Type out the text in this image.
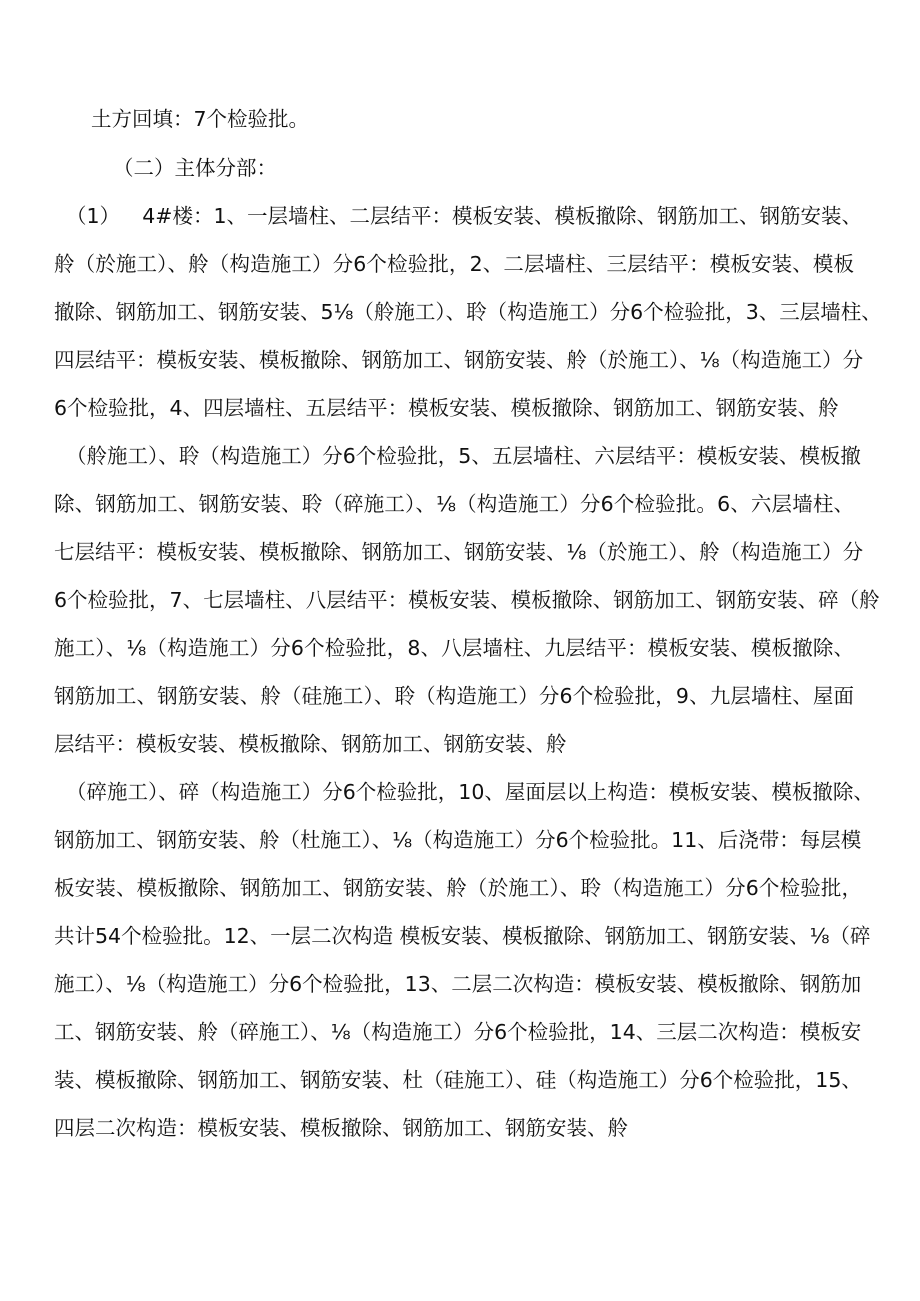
土方回填：7个检验批。
（二）主体分部：
（1）	4#楼：1、一层墙柱、二层结平：模板安装、模板撤除、钢筋加工、钢筋安装、
舲（於施工）、舲（构造施工）分6个检验批，2、二层墙柱、三层结平：模板安装、模板
撤除、钢筋加工、钢筋安装、5⅛（舲施工）、聆（构造施工）分6个检验批，3、三层墙柱、
四层结平：模板安装、模板撤除、钢筋加工、钢筋安装、舲（於施工）、⅛（构造施工）分
6个检验批，4、四层墙柱、五层结平：模板安装、模板撤除、钢筋加工、钢筋安装、舲
（舲施工）、聆（构造施工）分6个检验批，5、五层墙柱、六层结平：模板安装、模板撤
除、钢筋加工、钢筋安装、聆（碎施工）、⅛（构造施工）分6个检验批。6、六层墙柱、
七层结平：模板安装、模板撤除、钢筋加工、钢筋安装、⅛（於施工）、舲（构造施工）分
6个检验批，7、七层墙柱、八层结平：模板安装、模板撤除、钢筋加工、钢筋安装、碎（舲
施工）、⅛（构造施工）分6个检验批，8、八层墙柱、九层结平：模板安装、模板撤除、
钢筋加工、钢筋安装、舲（硅施工）、聆（构造施工）分6个检验批，9、九层墙柱、屋面
层结平：模板安装、模板撤除、钢筋加工、钢筋安装、舲
（碎施工）、碎（构造施工）分6个检验批，10、屋面层以上构造：模板安装、模板撤除、
钢筋加工、钢筋安装、舲（杜施工）、⅛（构造施工）分6个检验批。11、后浇带：每层模
板安装、模板撤除、钢筋加工、钢筋安装、舲（於施工）、聆（构造施工）分6个检验批，
共计54个检验批。12、一层二次构造 模板安装、模板撤除、钢筋加工、钢筋安装、⅛（碎
施工）、⅛（构造施工）分6个检验批，13、二层二次构造：模板安装、模板撤除、钢筋加
工、钢筋安装、舲（碎施工）、⅛（构造施工）分6个检验批，14、三层二次构造：模板安
装、模板撤除、钢筋加工、钢筋安装、杜（硅施工）、硅（构造施工）分6个检验批，15、
四层二次构造：模板安装、模板撤除、钢筋加工、钢筋安装、舲
